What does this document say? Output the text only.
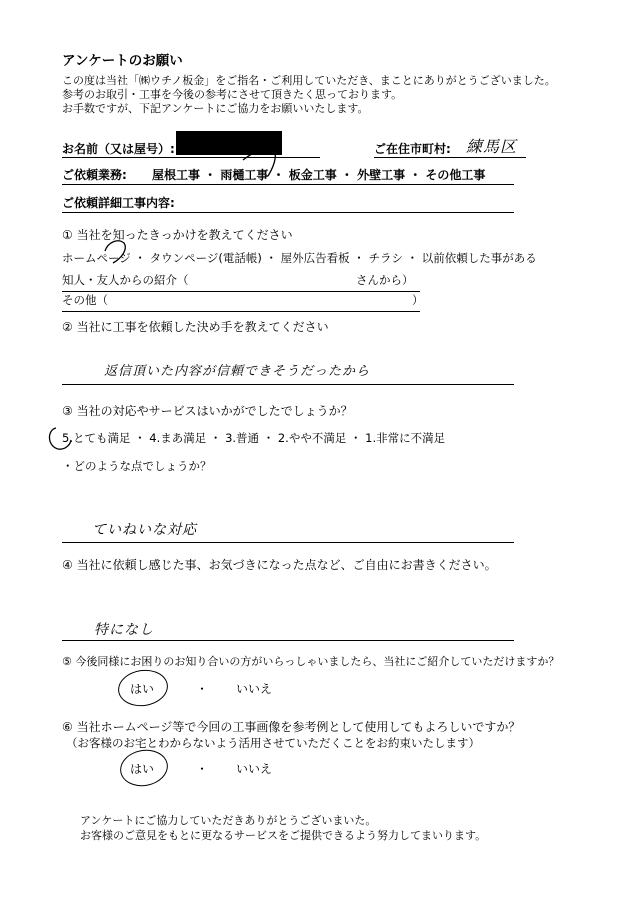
アンケートのお願い
この度は当社「㈱ウチノ板金」をご指名・ご利用していただき、まことにありがとうございました。
参考のお取引・工事を今後の参考にさせて頂きたく思っております。
お手数ですが、下記アンケートにご協力をお願いいたします。
お名前（又は屋号）:	ご在住市町村: 練馬区
ご依頼業務: 屋根工事 ・ 雨樋工事 ・ 板金工事 ・ 外壁工事 ・ その他工事
ご依頼詳細工事内容:
① 当社を知ったきっかけを教えてください
ホームページ ・ タウンページ(電話帳) ・ 屋外広告看板 ・ チラシ ・ 以前依頼した事がある
知人・友人からの紹介（	さんから）
その他（	）
② 当社に工事を依頼した決め手を教えてください
返信頂いた内容が信頼できそうだったから
③ 当社の対応やサービスはいかがでしたでしょうか？
5.とても満足 ・ 4.まあ満足 ・ 3.普通 ・ 2.やや不満足 ・ 1.非常に不満足
・どのような点でしょうか？
ていねいな対応
④ 当社に依頼し感じた事、お気づきになった点など、ご自由にお書きください。
特になし
⑤ 今後同様にお困りのお知り合いの方がいらっしゃいましたら、当社にご紹介していただけますか？
はい	・ いいえ
⑥ 当社ホームページ等で今回の工事画像を参考例として使用してもよろしいですか？
（お客様のお宅とわからないよう活用させていただくことをお約束いたします）
はい	・ いいえ
アンケートにご協力していただきありがとうございまいた。
お客様のご意見をもとに更なるサービスをご提供できるよう努力してまいります。
